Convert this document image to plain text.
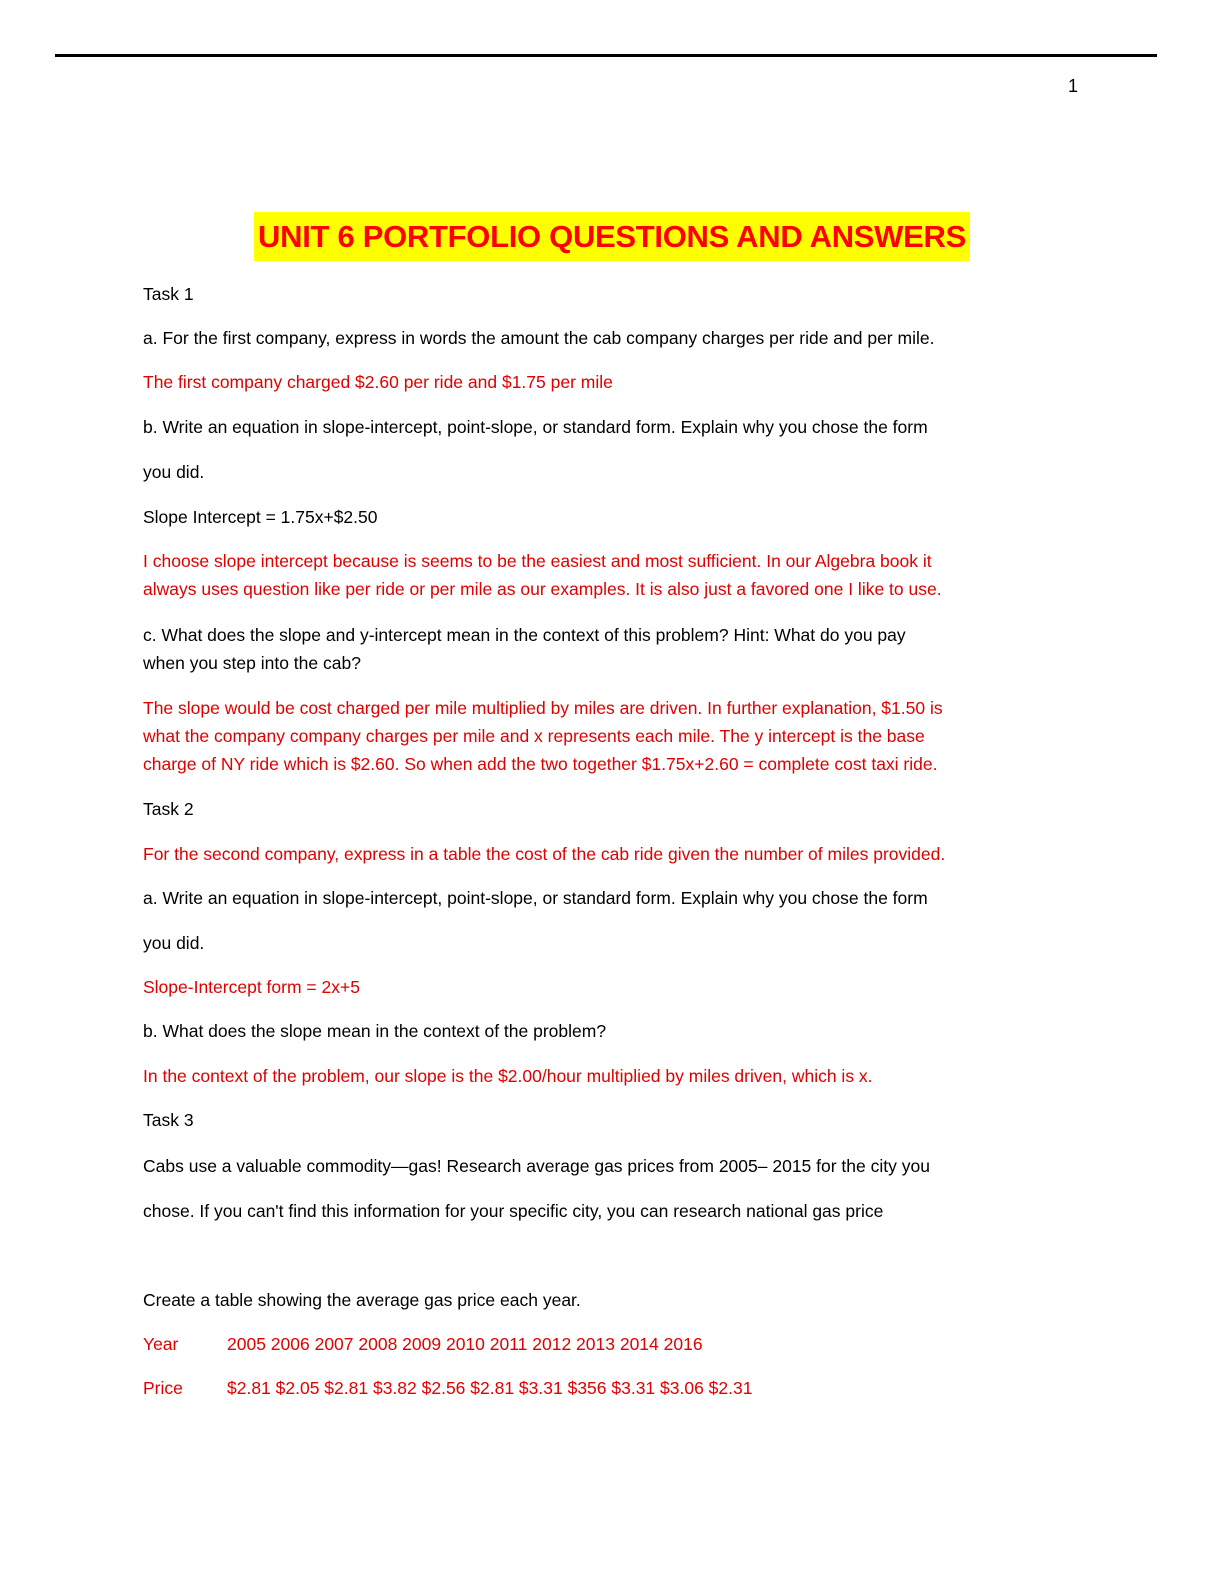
1
UNIT 6 PORTFOLIO QUESTIONS AND ANSWERS
Task 1
a. For the first company, express in words the amount the cab company charges per ride and per mile.
The first company charged $2.60 per ride and $1.75 per mile
b. Write an equation in slope-intercept, point-slope, or standard form. Explain why you chose the form
you did.
Slope Intercept = 1.75x+$2.50
I choose slope intercept because is seems to be the easiest and most sufficient. In our Algebra book it
always uses question like per ride or per mile as our examples. It is also just a favored one I like to use.
c. What does the slope and y-intercept mean in the context of this problem? Hint: What do you pay
when you step into the cab?
The slope would be cost charged per mile multiplied by miles are driven. In further explanation, $1.50 is
what the company company charges per mile and x represents each mile. The y intercept is the base
charge of NY ride which is $2.60. So when add the two together $1.75x+2.60 = complete cost taxi ride.
Task 2
For the second company, express in a table the cost of the cab ride given the number of miles provided.
a. Write an equation in slope-intercept, point-slope, or standard form. Explain why you chose the form
you did.
Slope-Intercept form = 2x+5
b. What does the slope mean in the context of the problem?
In the context of the problem, our slope is the $2.00/hour multiplied by miles driven, which is x.
Task 3
Cabs use a valuable commodity—gas! Research average gas prices from 2005– 2015 for the city you
chose. If you can't find this information for your specific city, you can research national gas price
Create a table showing the average gas price each year.
Year	2005 2006 2007 2008 2009 2010 2011 2012 2013 2014 2016
Price	$2.81 $2.05 $2.81 $3.82 $2.56 $2.81 $3.31 $356 $3.31 $3.06 $2.31
